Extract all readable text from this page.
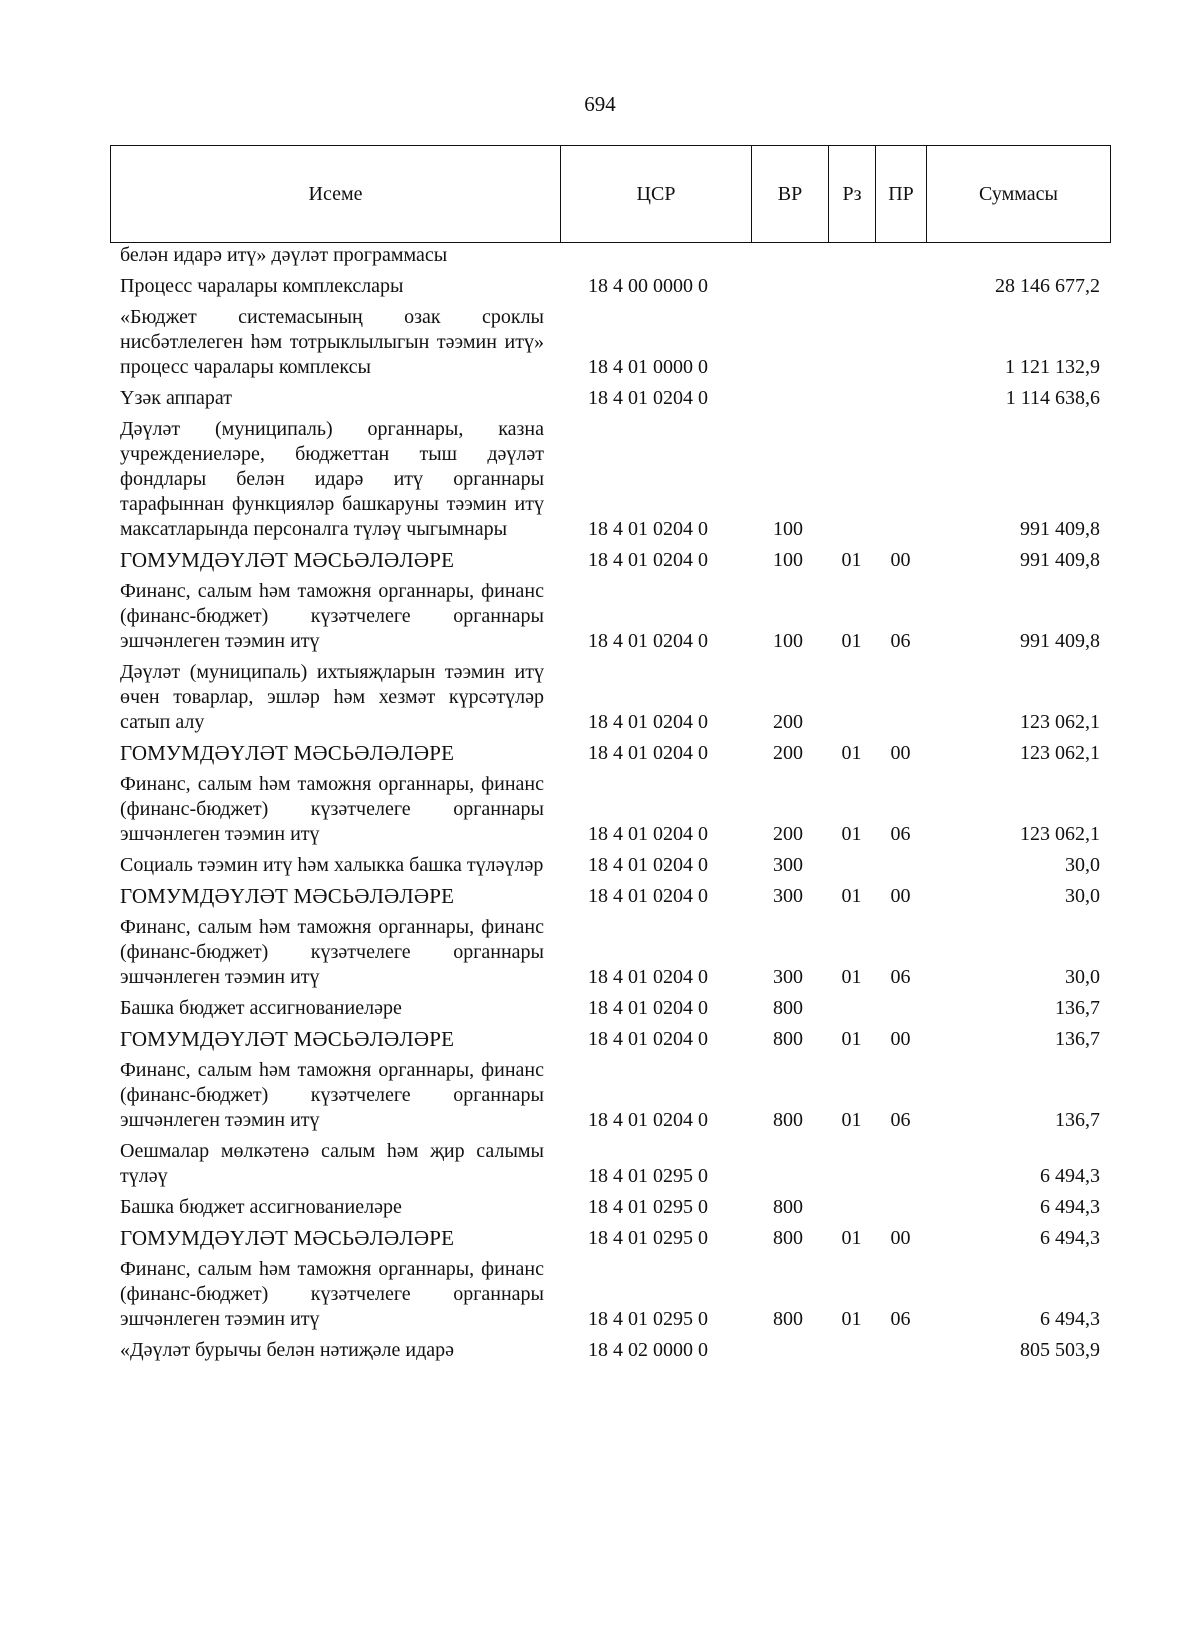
694
Исеме	ЦСР	ВР	Рз	ПР	Суммасы
белән идарә итү» дәүләт программасы					
Процесс чаралары комплекслары	18 4 00 0000 0				28 146 677,2
«Бюджет системасының озак сроклы нисбәтлелеген һәм тотрыклылыгын тәэмин итү» процесс чаралары комплексы	18 4 01 0000 0				1 121 132,9
Үзәк аппарат	18 4 01 0204 0				1 114 638,6
Дәүләт (муниципаль) органнары, казна учреждениеләре, бюджеттан тыш дәүләт фондлары белән идарә итү органнары тарафыннан функцияләр башкаруны тәэмин итү максатларында персоналга түләү чыгымнары	18 4 01 0204 0	100			991 409,8
ГОМУМДӘҮЛӘТ МӘСЬӘЛӘЛӘРЕ	18 4 01 0204 0	100	01	00	991 409,8
Финанс, салым һәм таможня органнары, финанс (финанс-бюджет) күзәтчелеге органнары эшчәнлеген тәэмин итү	18 4 01 0204 0	100	01	06	991 409,8
Дәүләт (муниципаль) ихтыяҗларын тәэмин итү өчен товарлар, эшләр һәм хезмәт күрсәтүләр сатып алу	18 4 01 0204 0	200			123 062,1
ГОМУМДӘҮЛӘТ МӘСЬӘЛӘЛӘРЕ	18 4 01 0204 0	200	01	00	123 062,1
Финанс, салым һәм таможня органнары, финанс (финанс-бюджет) күзәтчелеге органнары эшчәнлеген тәэмин итү	18 4 01 0204 0	200	01	06	123 062,1
Социаль тәэмин итү һәм халыкка башка түләүләр	18 4 01 0204 0	300			30,0
ГОМУМДӘҮЛӘТ МӘСЬӘЛӘЛӘРЕ	18 4 01 0204 0	300	01	00	30,0
Финанс, салым һәм таможня органнары, финанс (финанс-бюджет) күзәтчелеге органнары эшчәнлеген тәэмин итү	18 4 01 0204 0	300	01	06	30,0
Башка бюджет ассигнованиеләре	18 4 01 0204 0	800			136,7
ГОМУМДӘҮЛӘТ МӘСЬӘЛӘЛӘРЕ	18 4 01 0204 0	800	01	00	136,7
Финанс, салым һәм таможня органнары, финанс (финанс-бюджет) күзәтчелеге органнары эшчәнлеген тәэмин итү	18 4 01 0204 0	800	01	06	136,7
Оешмалар мөлкәтенә салым һәм җир салымы түләү	18 4 01 0295 0				6 494,3
Башка бюджет ассигнованиеләре	18 4 01 0295 0	800			6 494,3
ГОМУМДӘҮЛӘТ МӘСЬӘЛӘЛӘРЕ	18 4 01 0295 0	800	01	00	6 494,3
Финанс, салым һәм таможня органнары, финанс (финанс-бюджет) күзәтчелеге органнары эшчәнлеген тәэмин итү	18 4 01 0295 0	800	01	06	6 494,3
«Дәүләт бурычы белән нәтиҗәле идарә	18 4 02 0000 0				805 503,9
